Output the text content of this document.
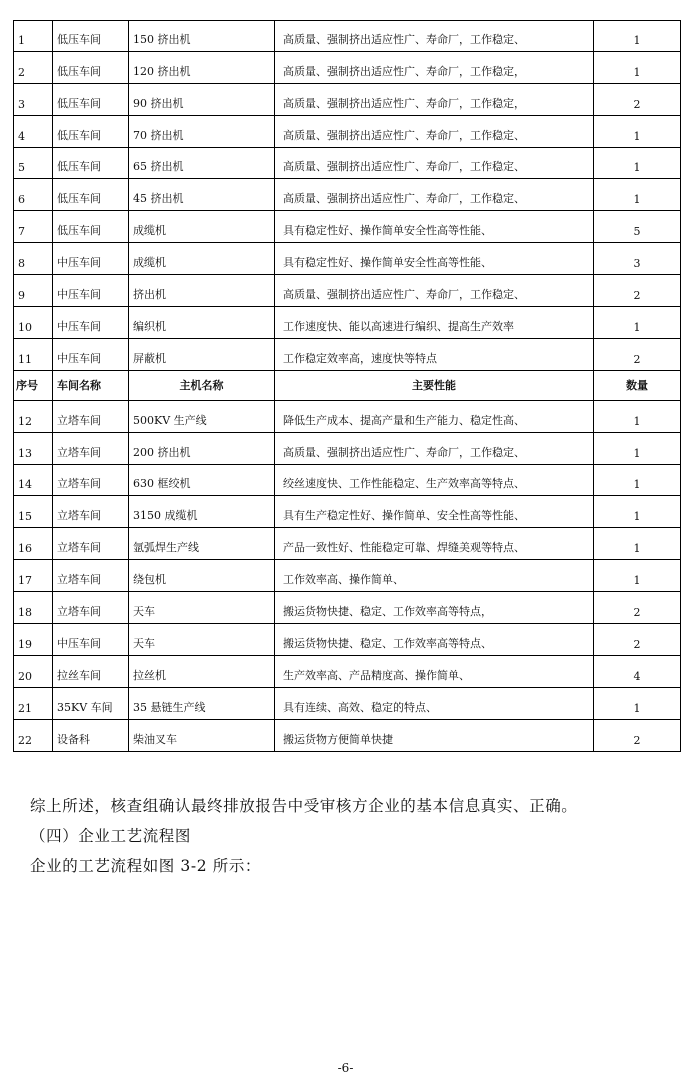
1	低压车间	150 挤出机	高质量、强制挤出适应性广、寿命厂，工作稳定、	1
2	低压车间	120 挤出机	高质量、强制挤出适应性广、寿命厂，工作稳定，	1
3	低压车间	90 挤出机	高质量、强制挤出适应性广、寿命厂，工作稳定，	2
4	低压车间	70 挤出机	高质量、强制挤出适应性广、寿命厂，工作稳定、	1
5	低压车间	65 挤出机	高质量、强制挤出适应性广、寿命厂，工作稳定、	1
6	低压车间	45 挤出机	高质量、强制挤出适应性广、寿命厂，工作稳定、	1
7	低压车间	成缆机	具有稳定性好、操作简单安全性高等性能、	5
8	中压车间	成缆机	具有稳定性好、操作简单安全性高等性能、	3
9	中压车间	挤出机	高质量、强制挤出适应性广、寿命厂，工作稳定、	2
10	中压车间	编织机	工作速度快、能以高速进行编织、提高生产效率	1
11	中压车间	屏蔽机	工作稳定效率高，速度快等特点	2
序号	车间名称	主机名称	主要性能	数量
12	立塔车间	500KV 生产线	降低生产成本、提高产量和生产能力、稳定性高、	1
13	立塔车间	200 挤出机	高质量、强制挤出适应性广、寿命厂，工作稳定、	1
14	立塔车间	630 框绞机	绞丝速度快、工作性能稳定、生产效率高等特点、	1
15	立塔车间	3150 成缆机	具有生产稳定性好、操作简单、安全性高等性能、	1
16	立塔车间	氩弧焊生产线	产品一致性好、性能稳定可靠、焊缝美观等特点、	1
17	立塔车间	绕包机	工作效率高、操作简单、	1
18	立塔车间	天车	搬运货物快捷、稳定、工作效率高等特点，	2
19	中压车间	天车	搬运货物快捷、稳定、工作效率高等特点、	2
20	拉丝车间	拉丝机	生产效率高、产品精度高、操作简单、	4
21	35KV 车间	35 悬链生产线	具有连续、高效、稳定的特点、	1
22	设备科	柴油叉车	搬运货物方便简单快捷	2
综上所述，核查组确认最终排放报告中受审核方企业的基本信息真实、正确。
（四）企业工艺流程图
企业的工艺流程如图 3-2 所示：
-6-
